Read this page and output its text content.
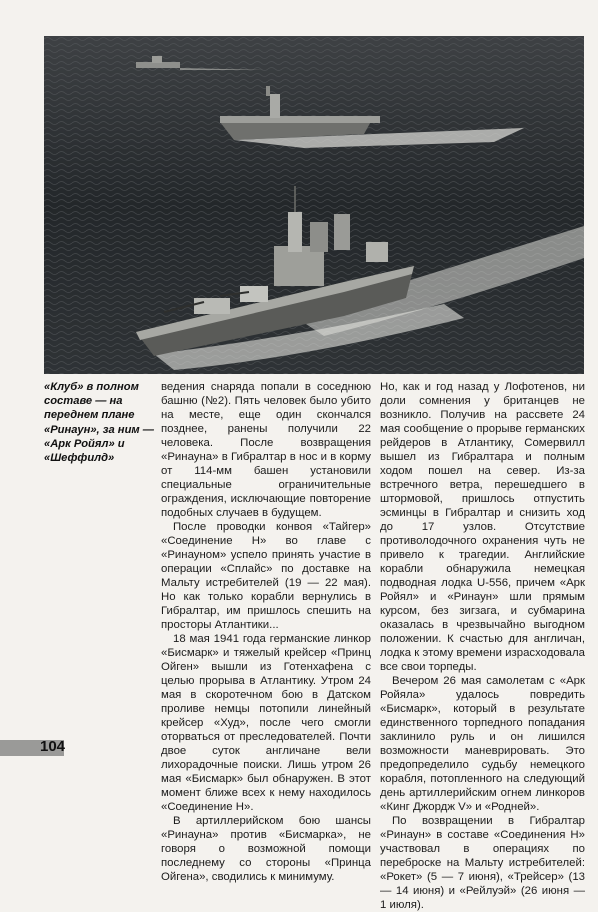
«Клуб» в полном
составе — на
переднем плане
«Ринаун», за ним —
«Арк Ройял» и
«Шеффилд»

ведения снаряда попали в соседнюю башню (№2). Пять человек было убито на месте, еще один скончался позднее, ранены получили 22 человека. После возвращения «Ринауна» в Гибралтар в нос и в корму от 114-мм башен установили специальные ограничительные ограждения, исключающие повторение подобных случаев в будущем.

После проводки конвоя «Тайгер» «Соединение Н» во главе с «Ринауном» успело принять участие в операции «Сплайс» по доставке на Мальту истребителей (19 — 22 мая). Но как только корабли вернулись в Гибралтар, им пришлось спешить на просторы Атлантики...

18 мая 1941 года германские линкор «Бисмарк» и тяжелый крейсер «Принц Ойген» вышли из Готенхафена с целью прорыва в Атлантику. Утром 24 мая в скоротечном бою в Датском проливе немцы потопили линейный крейсер «Худ», после чего смогли оторваться от преследователей. Почти двое суток англичане вели лихорадочные поиски. Лишь утром 26 мая «Бисмарк» был обнаружен. В этот момент ближе всех к нему находилось «Соединение Н».

В артиллерийском бою шансы «Ринауна» против «Бисмарка», не говоря о возможной помощи последнему со стороны «Принца Ойгена», сводились к минимуму.

Но, как и год назад у Лофотенов, ни доли сомнения у британцев не возникло. Получив на рассвете 24 мая сообщение о прорыве германских рейдеров в Атлантику, Сомервилл вышел из Гибралтара и полным ходом пошел на север. Из-за встречного ветра, перешедшего в штормовой, пришлось отпустить эсминцы в Гибралтар и снизить ход до 17 узлов. Отсутствие противолодочного охранения чуть не привело к трагедии. Английские корабли обнаружила немецкая подводная лодка U-556, причем «Арк Ройял» и «Ринаун» шли прямым курсом, без зигзага, и субмарина оказалась в чрезвычайно выгодном положении. К счастью для англичан, лодка к этому времени израсходовала все свои торпеды.

Вечером 26 мая самолетам с «Арк Ройяла» удалось повредить «Бисмарк», который в результате единственного торпедного попадания заклинило руль и он лишился возможности маневрировать. Это предопределило судьбу немецкого корабля, потопленного на следующий день артиллерийским огнем линкоров «Кинг Джордж V» и «Родней».

По возвращении в Гибралтар «Ринаун» в составе «Соединения Н» участвовал в операциях по переброске на Мальту истребителей: «Рокет» (5 — 7 июня), «Трейсер» (13 — 14 июня) и «Рейлуэй» (26 июня — 1 июля).

104
